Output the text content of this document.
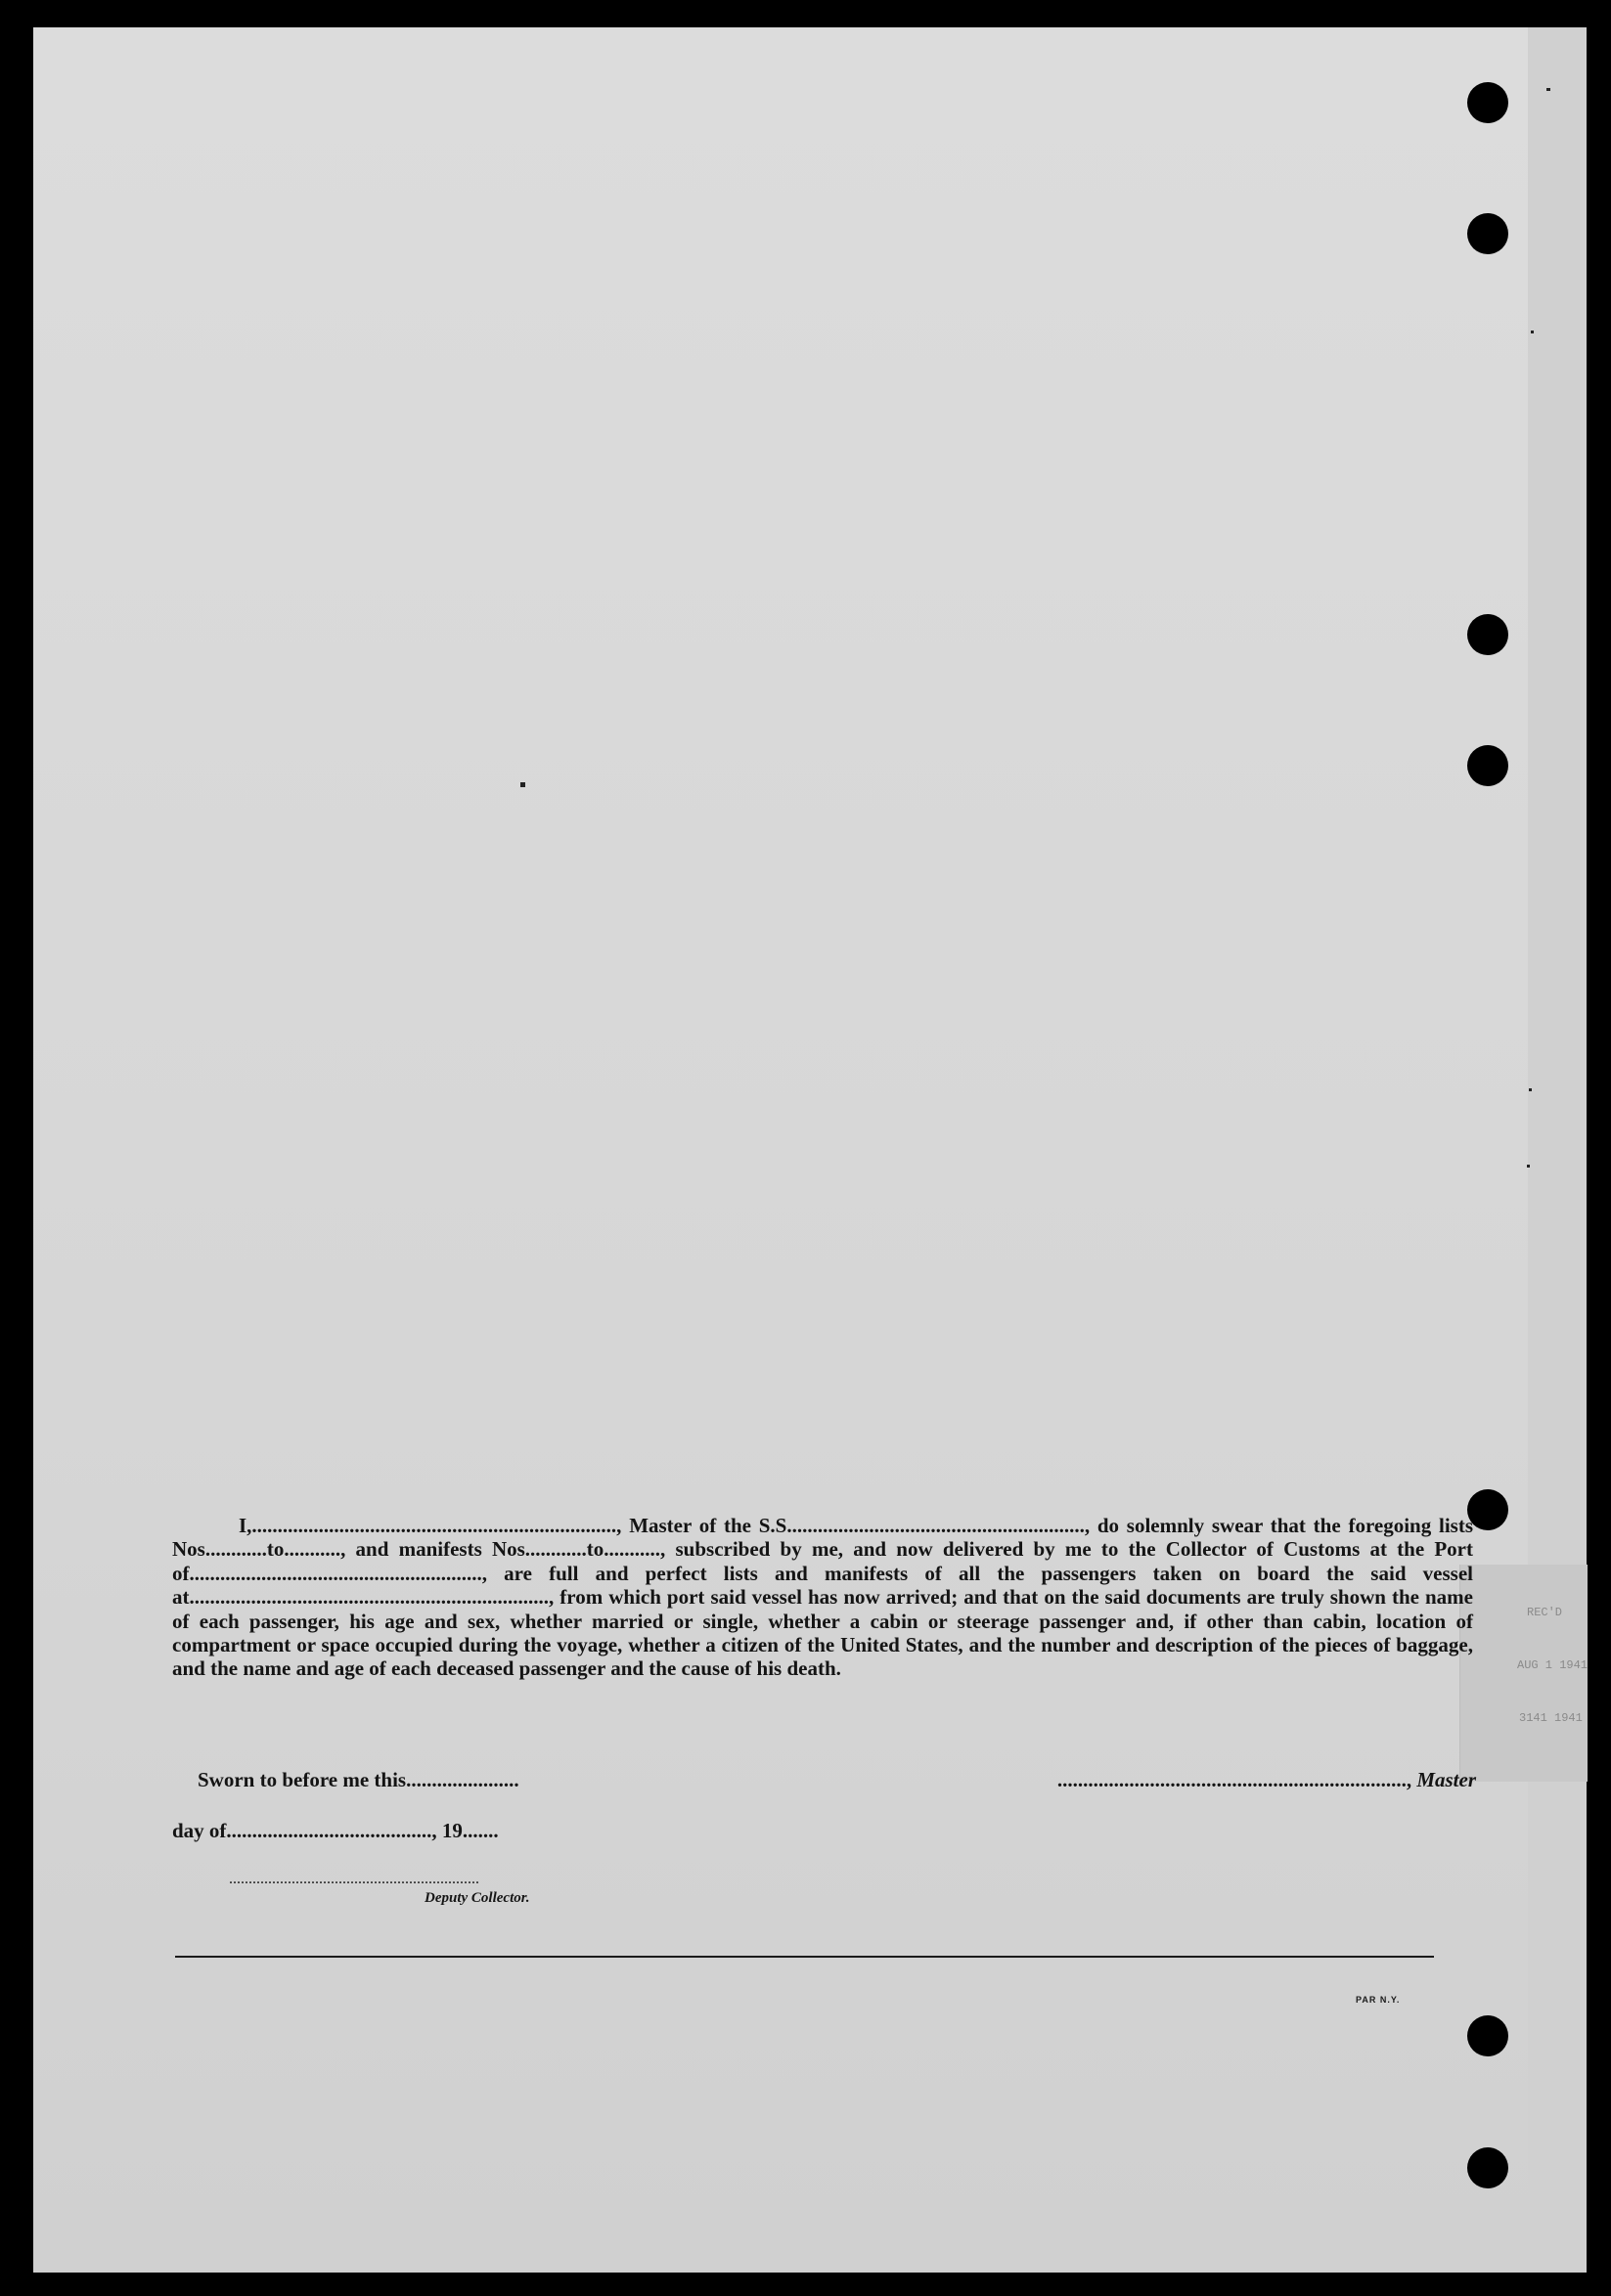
REC'D
AUG 1 1941
3141 1941

I,......................................................................., Master of the S.S.........................................................., do solemnly swear that the foregoing lists Nos............to..........., and manifests Nos............to..........., subscribed by me, and now delivered by me to the Collector of Customs at the Port of........................................................., are full and perfect lists and manifests of all the passengers taken on board the said vessel at......................................................................, from which port said vessel has now arrived; and that on the said documents are truly shown the name of each passenger, his age and sex, whether married or single, whether a cabin or steerage passenger and, if other than cabin, location of compartment or space occupied during the voyage, whether a citizen of the United States, and the number and description of the pieces of baggage, and the name and age of each deceased passenger and the cause of his death.

Sworn to before me this......................	...................................................................., Master
day of........................................, 19.......
................................................................
Deputy Collector.
PAR N.Y.
